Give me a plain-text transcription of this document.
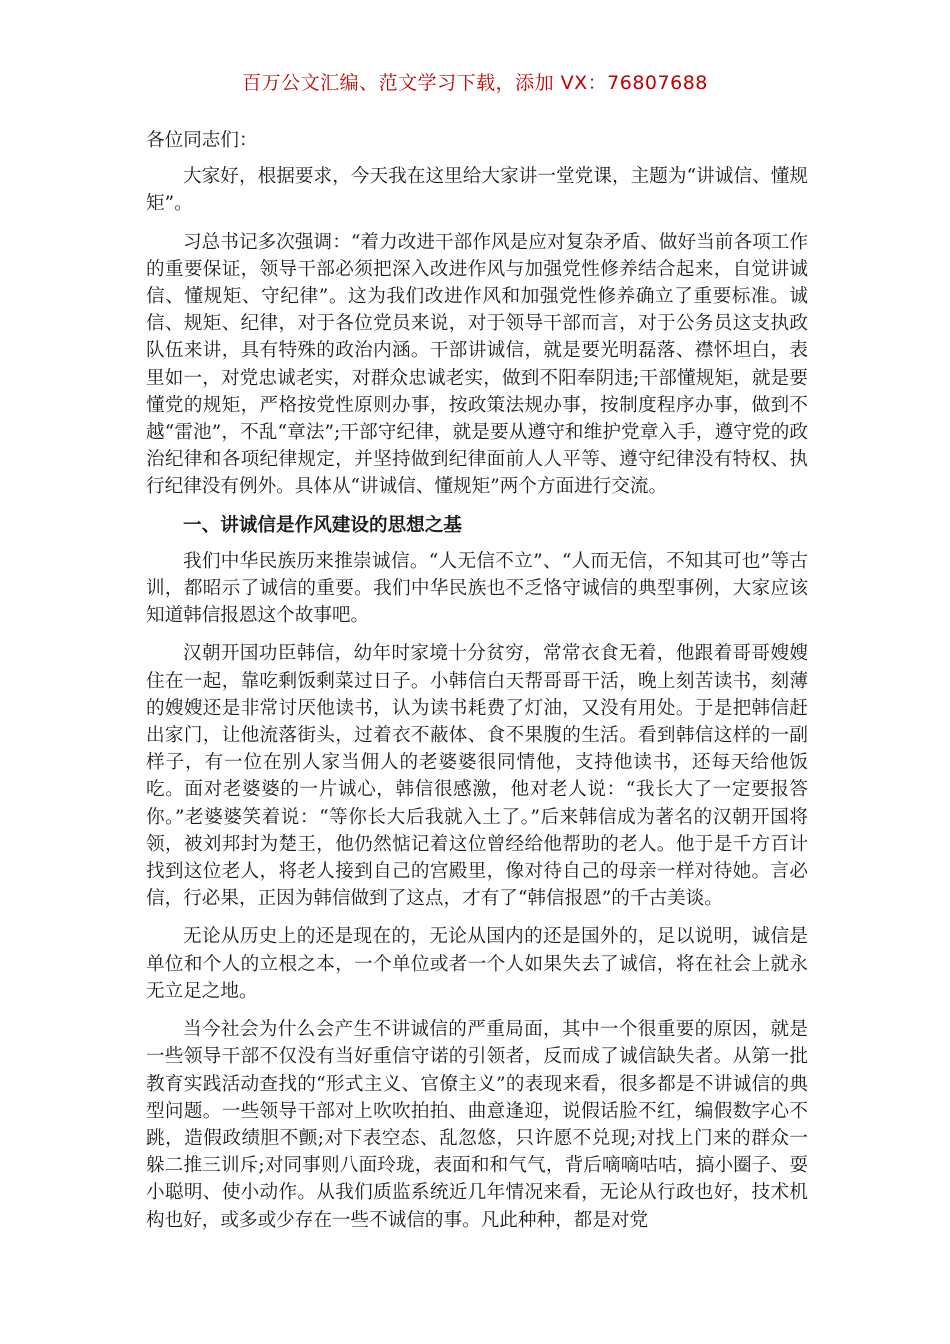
百万公文汇编、范文学习下载，添加 VX：76807688

各位同志们：

大家好，根据要求，今天我在这里给大家讲一堂党课，主题为“讲诚信、懂规矩”。

习总书记多次强调：“着力改进干部作风是应对复杂矛盾、做好当前各项工作的重要保证，领导干部必须把深入改进作风与加强党性修养结合起来，自觉讲诚信、懂规矩、守纪律”。这为我们改进作风和加强党性修养确立了重要标准。诚信、规矩、纪律，对于各位党员来说，对于领导干部而言，对于公务员这支执政队伍来讲，具有特殊的政治内涵。干部讲诚信，就是要光明磊落、襟怀坦白，表里如一，对党忠诚老实，对群众忠诚老实，做到不阳奉阴违;干部懂规矩，就是要懂党的规矩，严格按党性原则办事，按政策法规办事，按制度程序办事，做到不越“雷池”，不乱“章法”;干部守纪律，就是要从遵守和维护党章入手，遵守党的政治纪律和各项纪律规定，并坚持做到纪律面前人人平等、遵守纪律没有特权、执行纪律没有例外。具体从“讲诚信、懂规矩”两个方面进行交流。

一、讲诚信是作风建设的思想之基

我们中华民族历来推崇诚信。“人无信不立”、“人而无信，不知其可也”等古训，都昭示了诚信的重要。我们中华民族也不乏恪守诚信的典型事例，大家应该知道韩信报恩这个故事吧。

汉朝开国功臣韩信，幼年时家境十分贫穷，常常衣食无着，他跟着哥哥嫂嫂住在一起，靠吃剩饭剩菜过日子。小韩信白天帮哥哥干活，晚上刻苦读书，刻薄的嫂嫂还是非常讨厌他读书，认为读书耗费了灯油，又没有用处。于是把韩信赶出家门，让他流落街头，过着衣不蔽体、食不果腹的生活。看到韩信这样的一副样子，有一位在别人家当佣人的老婆婆很同情他，支持他读书，还每天给他饭吃。面对老婆婆的一片诚心，韩信很感激，他对老人说：“我长大了一定要报答你。”老婆婆笑着说：“等你长大后我就入土了。”后来韩信成为著名的汉朝开国将领，被刘邦封为楚王，他仍然惦记着这位曾经给他帮助的老人。他于是千方百计找到这位老人，将老人接到自己的宫殿里，像对待自己的母亲一样对待她。言必信，行必果，正因为韩信做到了这点，才有了“韩信报恩”的千古美谈。

无论从历史上的还是现在的，无论从国内的还是国外的，足以说明，诚信是单位和个人的立根之本，一个单位或者一个人如果失去了诚信，将在社会上就永无立足之地。

当今社会为什么会产生不讲诚信的严重局面，其中一个很重要的原因，就是一些领导干部不仅没有当好重信守诺的引领者，反而成了诚信缺失者。从第一批教育实践活动查找的“形式主义、官僚主义”的表现来看，很多都是不讲诚信的典型问题。一些领导干部对上吹吹拍拍、曲意逢迎，说假话脸不红，编假数字心不跳，造假政绩胆不颤;对下表空态、乱忽悠，只许愿不兑现;对找上门来的群众一躲二推三训斥;对同事则八面玲珑，表面和和气气，背后嘀嘀咕咕，搞小圈子、耍小聪明、使小动作。从我们质监系统近几年情况来看，无论从行政也好，技术机构也好，或多或少存在一些不诚信的事。凡此种种，都是对党
